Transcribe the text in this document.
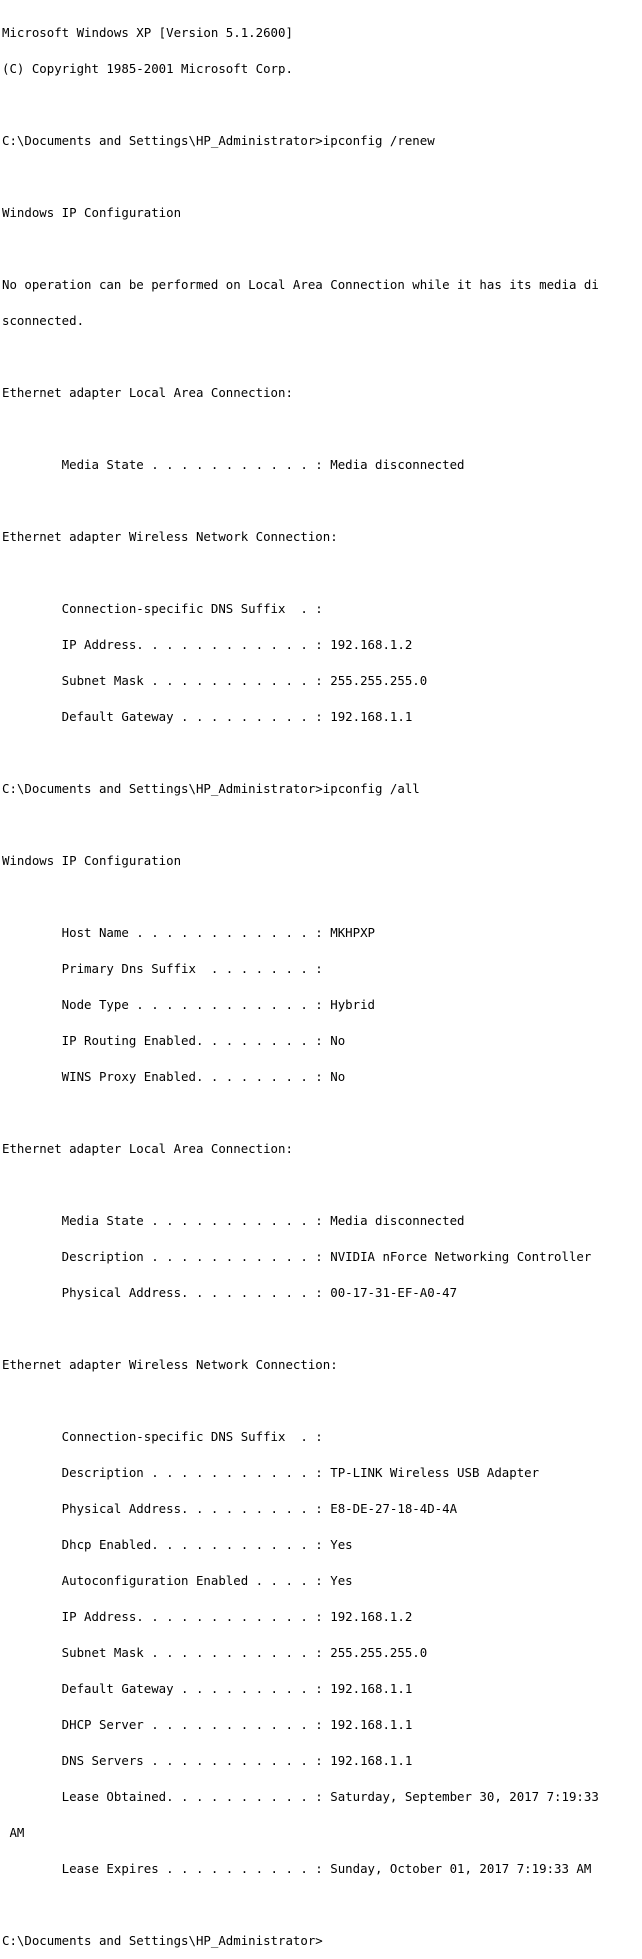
Microsoft Windows XP [Version 5.1.2600]

(C) Copyright 1985-2001 Microsoft Corp.

C:\Documents and Settings\HP_Administrator>ipconfig /renew

Windows IP Configuration

No operation can be performed on Local Area Connection while it has its media di

sconnected.

Ethernet adapter Local Area Connection:

Media State . . . . . . . . . . . : Media disconnected

Ethernet adapter Wireless Network Connection:

Connection-specific DNS Suffix  . :

IP Address. . . . . . . . . . . . : 192.168.1.2

Subnet Mask . . . . . . . . . . . : 255.255.255.0

Default Gateway . . . . . . . . . : 192.168.1.1

C:\Documents and Settings\HP_Administrator>ipconfig /all

Windows IP Configuration

Host Name . . . . . . . . . . . . : MKHPXP

Primary Dns Suffix  . . . . . . . :

Node Type . . . . . . . . . . . . : Hybrid

IP Routing Enabled. . . . . . . . : No

WINS Proxy Enabled. . . . . . . . : No

Ethernet adapter Local Area Connection:

Media State . . . . . . . . . . . : Media disconnected

Description . . . . . . . . . . . : NVIDIA nForce Networking Controller

Physical Address. . . . . . . . . : 00-17-31-EF-A0-47

Ethernet adapter Wireless Network Connection:

Connection-specific DNS Suffix  . :

Description . . . . . . . . . . . : TP-LINK Wireless USB Adapter

Physical Address. . . . . . . . . : E8-DE-27-18-4D-4A

Dhcp Enabled. . . . . . . . . . . : Yes

Autoconfiguration Enabled . . . . : Yes

IP Address. . . . . . . . . . . . : 192.168.1.2

Subnet Mask . . . . . . . . . . . : 255.255.255.0

Default Gateway . . . . . . . . . : 192.168.1.1

DHCP Server . . . . . . . . . . . : 192.168.1.1

DNS Servers . . . . . . . . . . . : 192.168.1.1

Lease Obtained. . . . . . . . . . : Saturday, September 30, 2017 7:19:33

AM

Lease Expires . . . . . . . . . . : Sunday, October 01, 2017 7:19:33 AM

C:\Documents and Settings\HP_Administrator>
